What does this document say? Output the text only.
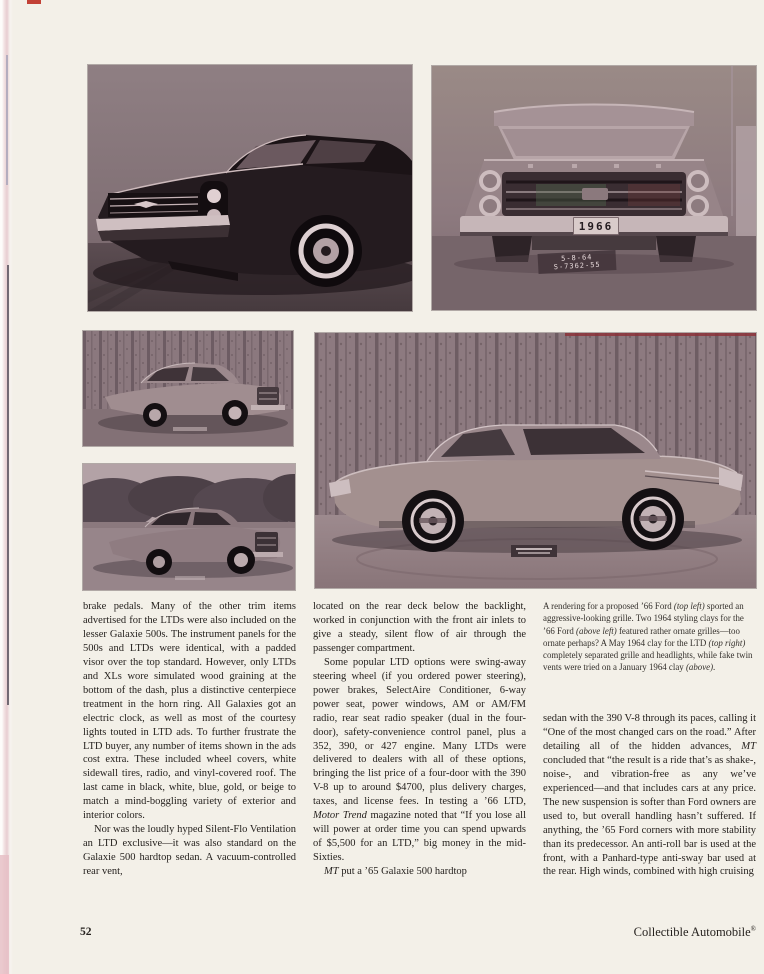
1966
5-8-64
S-7362-55

brake pedals. Many of the other trim items advertised for the LTDs were also included on the lesser Galaxie 500s. The instrument panels for the 500s and LTDs were identical, with a padded visor over the top standard. However, only LTDs and XLs wore simulated wood graining at the bottom of the dash, plus a distinctive centerpiece treatment in the horn ring. All Galaxies got an electric clock, as well as most of the courtesy lights touted in LTD ads. To further frustrate the LTD buyer, any number of items shown in the ads cost extra. These included wheel covers, white sidewall tires, radio, and vinyl-covered roof. The last came in black, white, blue, gold, or beige to match a mind-boggling variety of exterior and interior colors.

Nor was the loudly hyped Silent-Flo Ventilation an LTD exclusive—it was also standard on the Galaxie 500 hardtop sedan. A vacuum-controlled rear vent,

located on the rear deck below the backlight, worked in conjunction with the front air inlets to give a steady, silent flow of air through the passenger compartment.

Some popular LTD options were swing-away steering wheel (if you ordered power steering), power brakes, SelectAire Conditioner, 6-way power seat, power windows, AM or AM/FM radio, rear seat radio speaker (dual in the four-door), safety-convenience control panel, plus a 352, 390, or 427 engine. Many LTDs were delivered to dealers with all of these options, bringing the list price of a four-door with the 390 V-8 up to around $4700, plus delivery charges, taxes, and license fees. In testing a ’66 LTD, Motor Trend magazine noted that “If you lose all will power at order time you can spend upwards of $5,500 for an LTD,” big money in the mid-Sixties.

MT put a ’65 Galaxie 500 hardtop

A rendering for a proposed ’66 Ford (top left) sported an aggressive-looking grille. Two 1964 styling clays for the ’66 Ford (above left) featured rather ornate grilles—too ornate perhaps? A May 1964 clay for the LTD (top right) completely separated grille and headlights, while fake twin vents were tried on a January 1964 clay (above).

sedan with the 390 V-8 through its paces, calling it “One of the most changed cars on the road.” After detailing all of the hidden advances, MT concluded that “the result is a ride that’s as shake-, noise-, and vibration-free as any we’ve experienced—and that includes cars at any price. The new suspension is softer than Ford owners are used to, but overall handling hasn’t suffered. If anything, the ’65 Ford corners with more stability than its predecessor. An anti-roll bar is used at the front, with a Panhard-type anti-sway bar used at the rear. High winds, combined with high cruising

52	Collectible Automobile®
